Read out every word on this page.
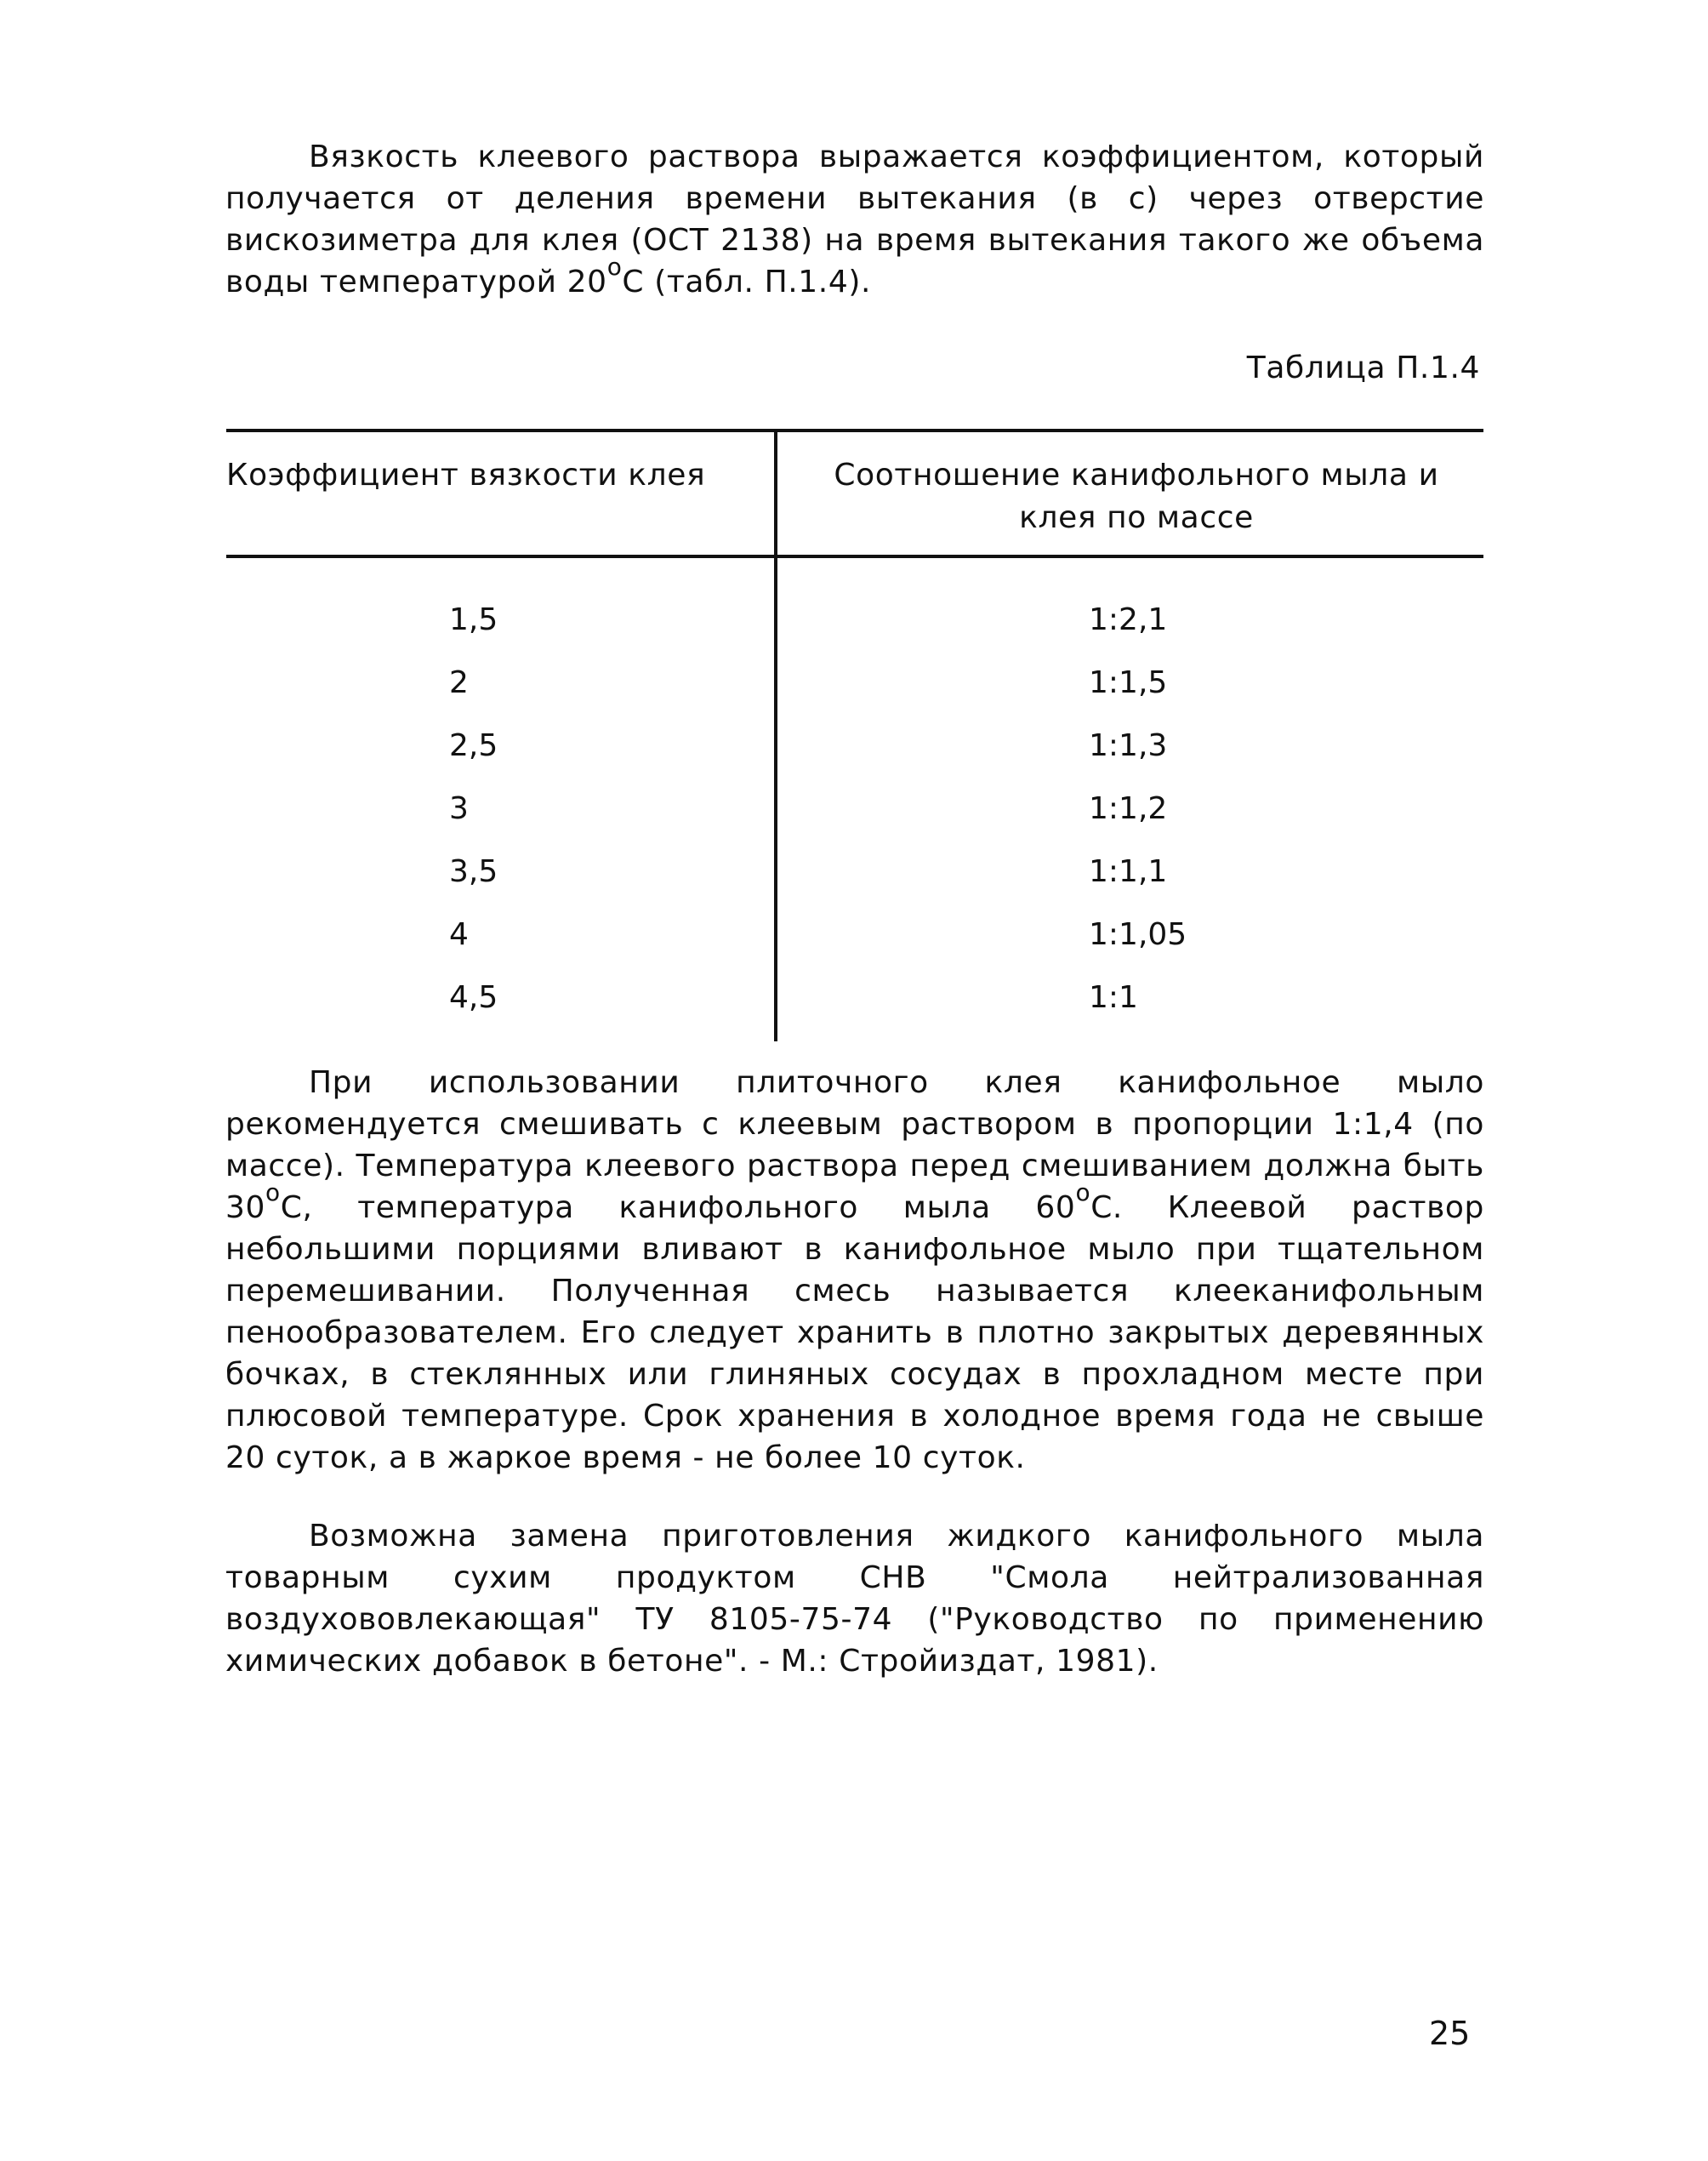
Вязкость клеевого раствора выражается коэффициентом, который получается от деления времени вытекания (в с) через отверстие вискозиметра для клея (ОСТ 2138) на время вытекания такого же объема воды температурой $20^оС$ (табл. П.1.4).

Таблица П.1.4
Коэффициент вязкости клея	Соотношение канифольного мыла и клея по массе
1,5	1:2,1
2	1:1,5
2,5	1:1,3
3	1:1,2
3,5	1:1,1
4	1:1,05
4,5	1:1

При использовании плиточного клея канифольное мыло рекомендуется смешивать с клеевым раствором в пропорции 1:1,4 (по массе). Температура клеевого раствора перед смешиванием должна быть $30^оС$, температура канифольного мыла $60^оС$. Клеевой раствор небольшими порциями вливают в канифольное мыло при тщательном перемешивании. Полученная смесь называется клееканифольным пенообразователем. Его следует хранить в плотно закрытых деревянных бочках, в стеклянных или глиняных сосудах в прохладном месте при плюсовой температуре. Срок хранения в холодное время года не свыше 20 суток, а в жаркое время - не более 10 суток.

Возможна замена приготовления жидкого канифольного мыла товарным сухим продуктом СНВ "Смола нейтрализованная воздухововлекающая" ТУ 8105-75-74 ("Руководство по применению химических добавок в бетоне". - М.: Стройиздат, 1981).

25
